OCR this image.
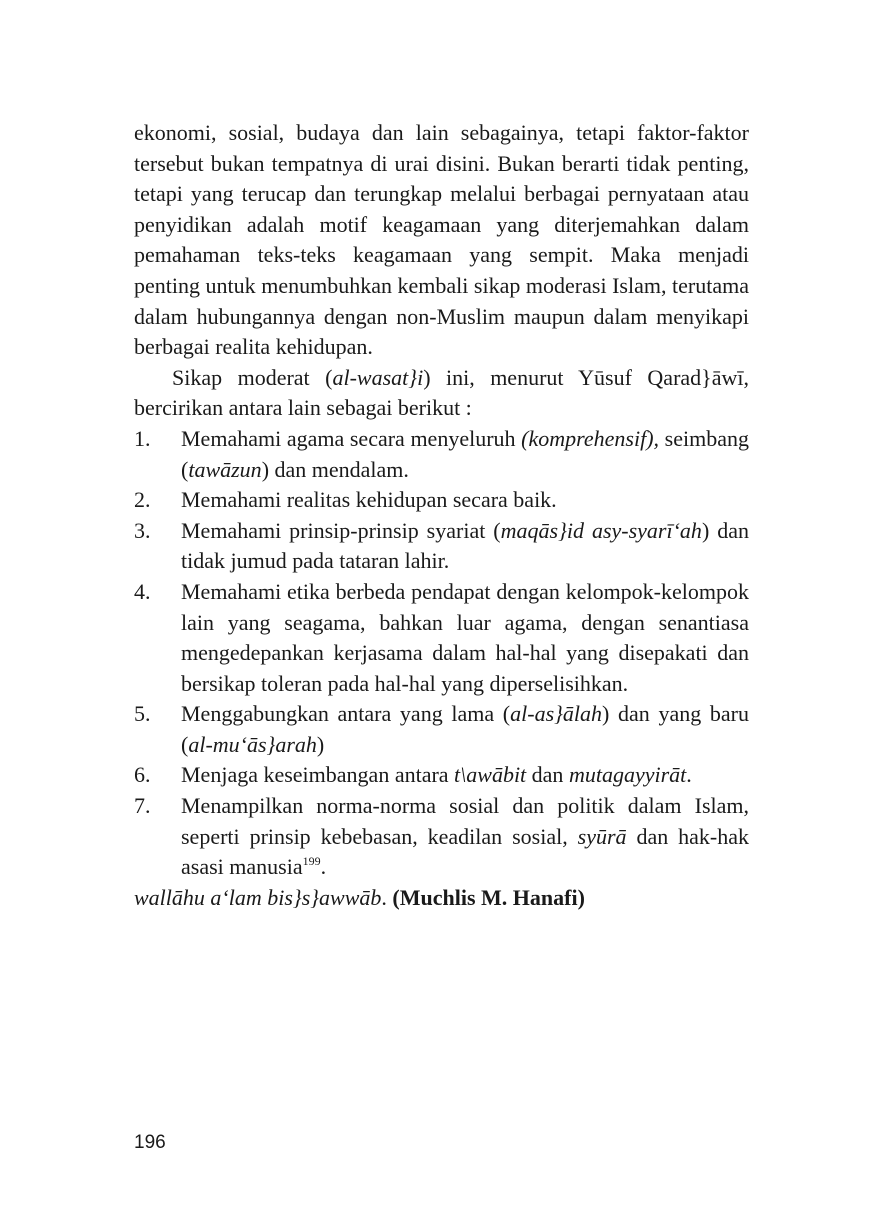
ekonomi, sosial, budaya dan lain sebagainya, tetapi faktor-faktor tersebut bukan tempatnya di urai disini. Bukan berarti tidak penting, tetapi yang terucap dan terungkap melalui berbagai pernyataan atau penyidikan adalah motif keagamaan yang diterjemahkan dalam pemahaman teks-teks keagamaan yang sempit. Maka menjadi penting untuk menumbuhkan kembali sikap moderasi Islam, terutama dalam hubungannya dengan non-Muslim maupun dalam menyikapi berbagai realita kehidupan.

Sikap moderat (al-wasat}i) ini, menurut Yūsuf Qarad}āwī, bercirikan antara lain sebagai berikut :

1. Memahami agama secara menyeluruh (komprehensif), seimbang (tawāzun) dan mendalam.
2. Memahami realitas kehidupan secara baik.
3. Memahami prinsip-prinsip syariat (maqās}id asy-syarī‘ah) dan tidak jumud pada tataran lahir.
4. Memahami etika berbeda pendapat dengan kelompok-kelompok lain yang seagama, bahkan luar agama, dengan senantiasa mengedepankan kerjasama dalam hal-hal yang disepakati dan bersikap toleran pada hal-hal yang diperselisihkan.
5. Menggabungkan antara yang lama (al-as}ālah) dan yang baru (al-mu‘ās}arah)
6. Menjaga keseimbangan antara t\awābit dan mutagayyirāt.
7. Menampilkan norma-norma sosial dan politik dalam Islam, seperti prinsip kebebasan, keadilan sosial, syūrā dan hak-hak asasi manusia$^{199}$.

wallāhu a‘lam bis}s}awwāb. (Muchlis M. Hanafi)

196
